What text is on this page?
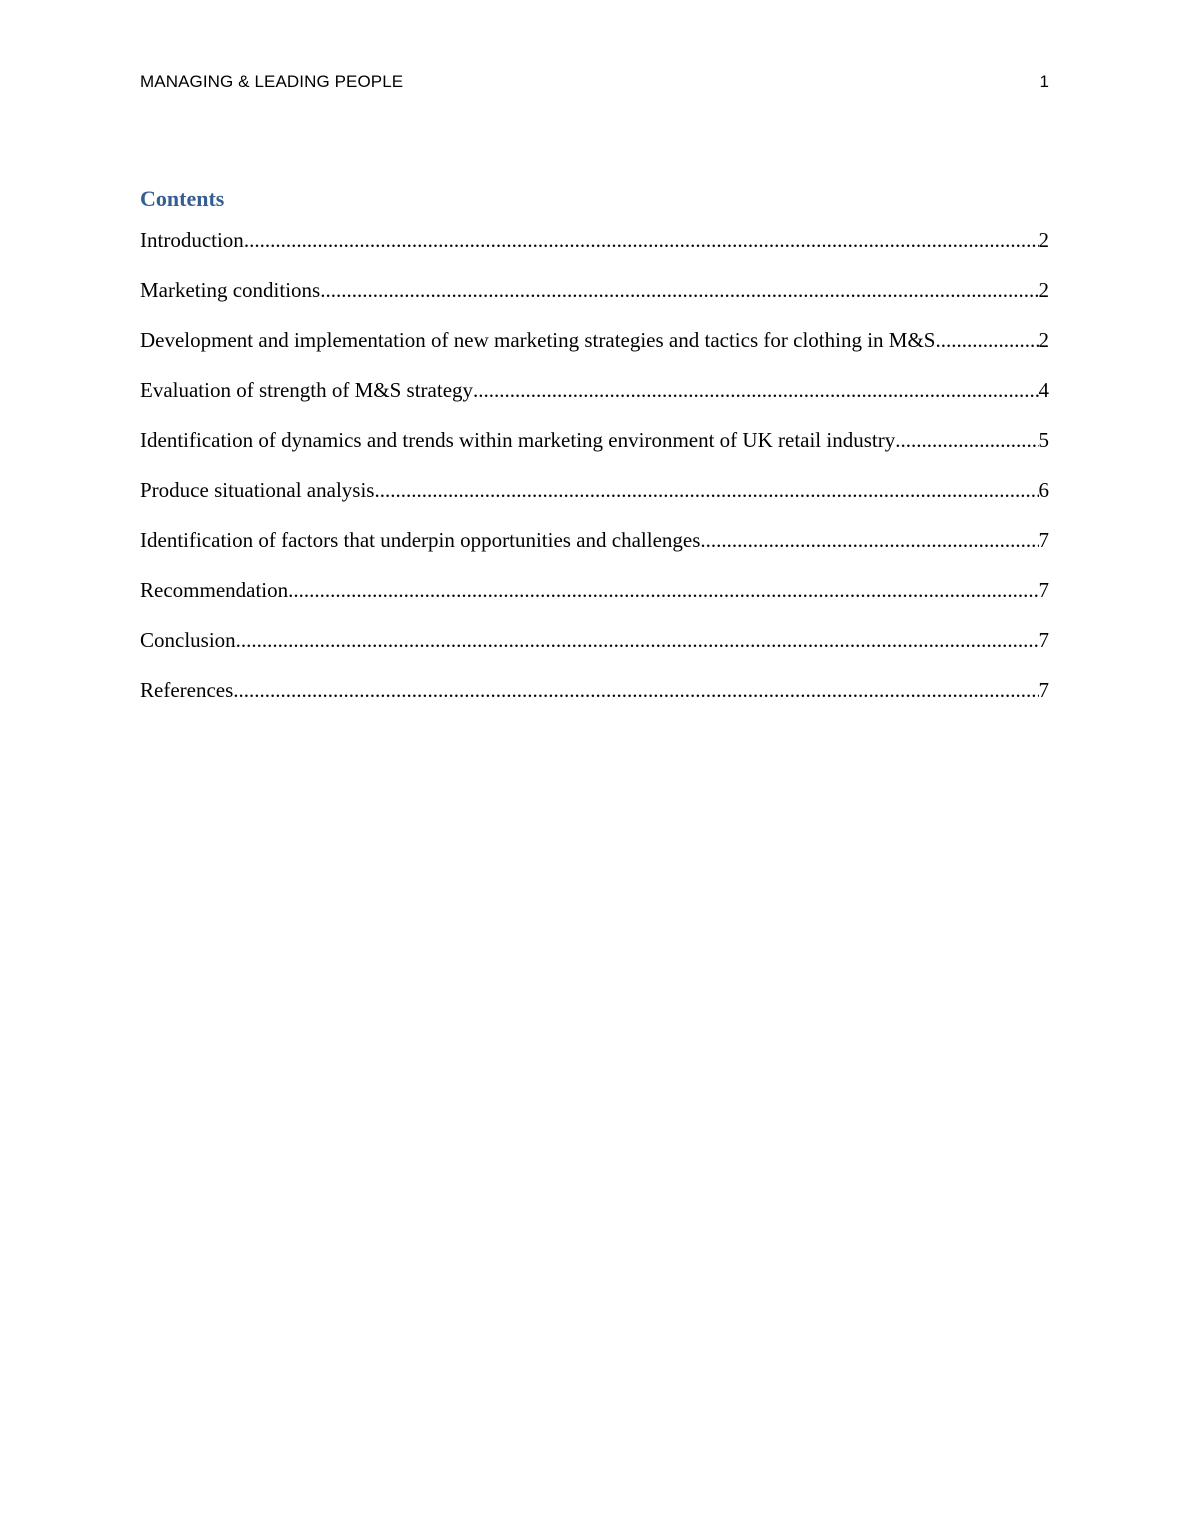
MANAGING & LEADING PEOPLE	1
Contents
Introduction .....	2
Marketing conditions .....	2
Development and implementation of new marketing strategies and tactics for clothing in M&S .....	2
Evaluation of strength of M&S strategy .....	4
Identification of dynamics and trends within marketing environment of UK retail industry .....	5
Produce situational analysis .....	6
Identification of factors that underpin opportunities and challenges .....	7
Recommendation .....	7
Conclusion .....	7
References .....	7
